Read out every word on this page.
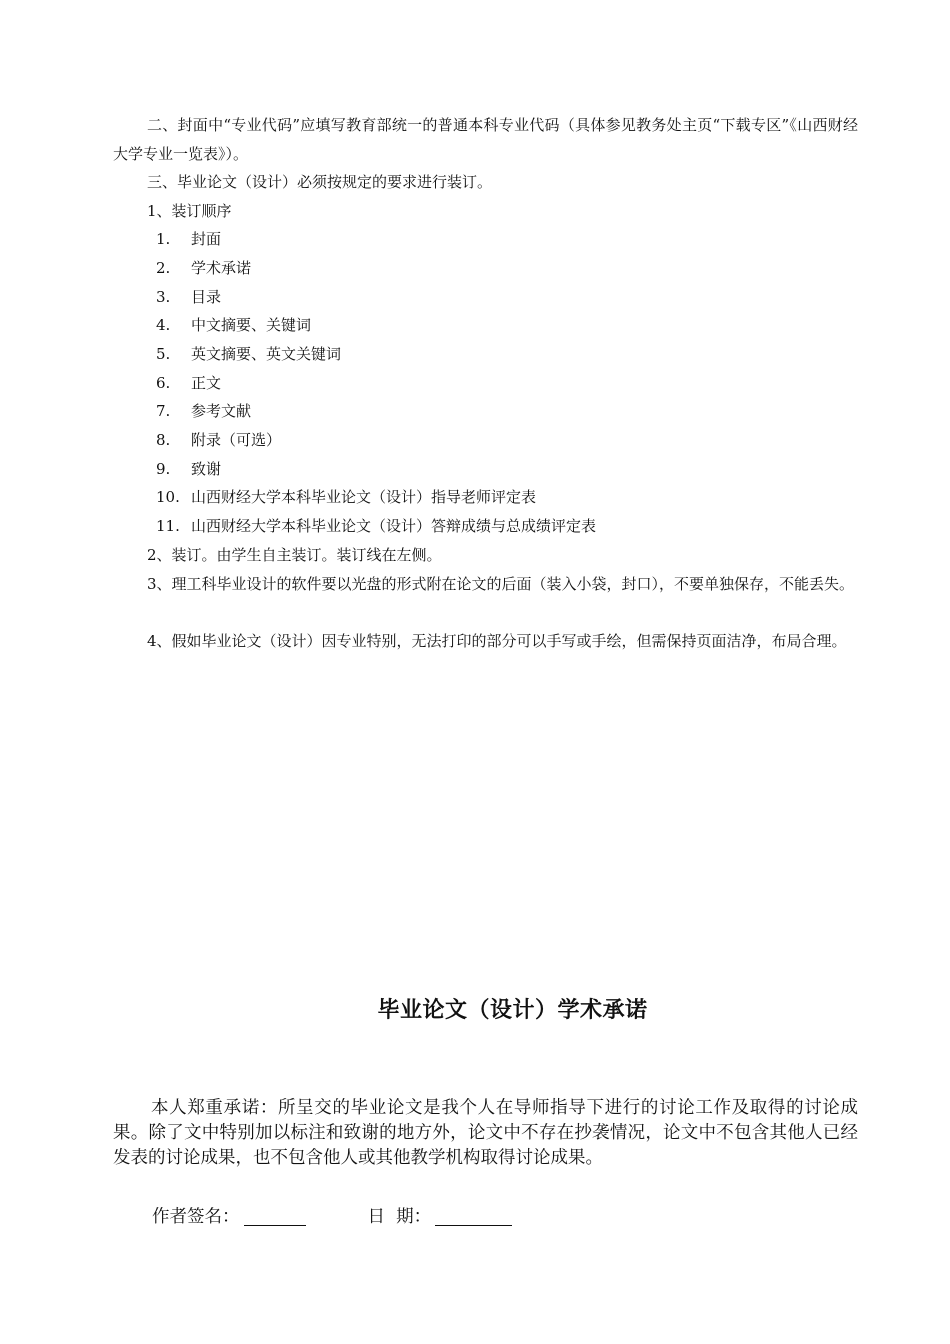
二、封面中“专业代码”应填写教育部统一的普通本科专业代码（具体参见教务处主页“下载专区”《山西财经大学专业一览表》）。

三、毕业论文（设计）必须按规定的要求进行装订。

1、装订顺序

1. 封面
2. 学术承诺
3. 目录
4. 中文摘要、关键词
5. 英文摘要、英文关键词
6. 正文
7. 参考文献
8. 附录（可选）
9. 致谢
10. 山西财经大学本科毕业论文（设计）指导老师评定表
11. 山西财经大学本科毕业论文（设计）答辩成绩与总成绩评定表

2、装订。由学生自主装订。装订线在左侧。

3、理工科毕业设计的软件要以光盘的形式附在论文的后面（装入小袋，封口），不要单独保存，不能丢失。

4、假如毕业论文（设计）因专业特别，无法打印的部分可以手写或手绘，但需保持页面洁净，布局合理。

毕业论文（设计）学术承诺

本人郑重承诺：所呈交的毕业论文是我个人在导师指导下进行的讨论工作及取得的讨论成果。除了文中特别加以标注和致谢的地方外，论文中不存在抄袭情况，论文中不包含其他人已经发表的讨论成果，也不包含他人或其他教学机构取得讨论成果。

作者签名：	日  期：
